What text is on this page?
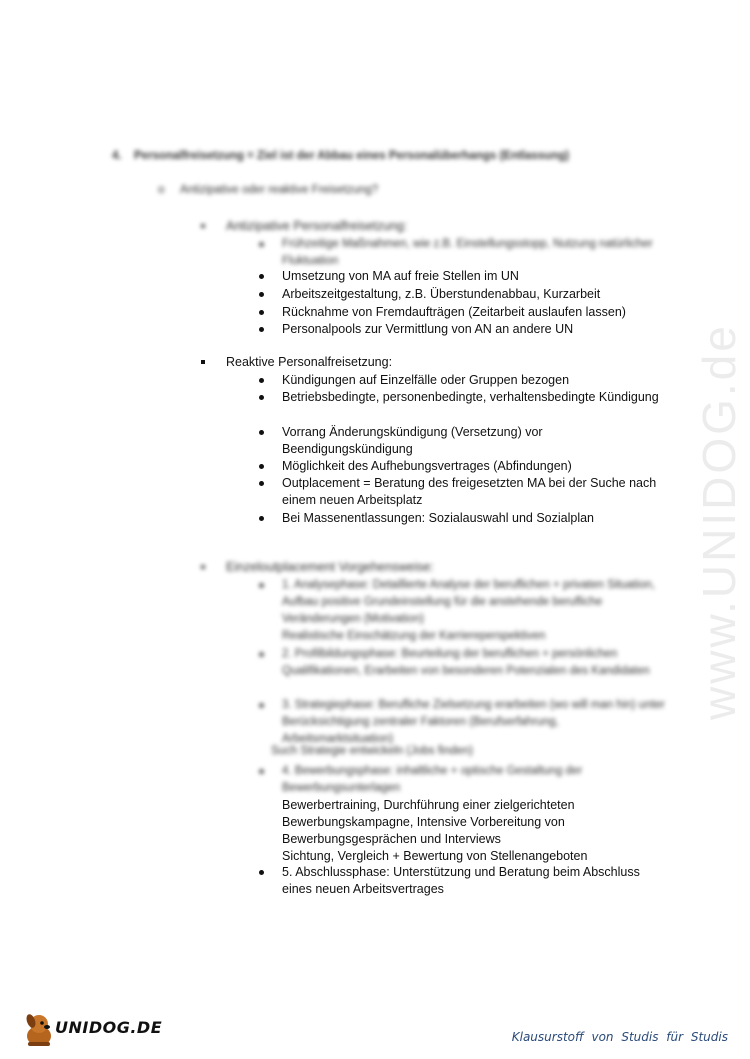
4. Personalfreisetzung = Ziel ist der Abbau eines Personalüberhangs (Entlassung)
o Antizipative oder reaktive Freisetzung?
Antizipative Personalfreisetzung:
Frühzeitige Maßnahmen, wie z.B. Einstellungsstopp, Nutzung natürlicher Fluktuation
Umsetzung von MA auf freie Stellen im UN
Arbeitszeitgestaltung, z.B. Überstundenabbau, Kurzarbeit
Rücknahme von Fremdaufträgen (Zeitarbeit auslaufen lassen)
Personalpools zur Vermittlung von AN an andere UN
Reaktive Personalfreisetzung:
Kündigungen auf Einzelfälle oder Gruppen bezogen
Betriebsbedingte, personenbedingte, verhaltensbedingte Kündigung
Vorrang Änderungskündigung (Versetzung) vor Beendigungskündigung
Möglichkeit des Aufhebungsvertrages (Abfindungen)
Outplacement = Beratung des freigesetzten MA bei der Suche nach einem neuen Arbeitsplatz
Bei Massenentlassungen: Sozialauswahl und Sozialplan
Einzeloutplacement Vorgehensweise:
1. Analysephase: Detaillierte Analyse der beruflichen + privaten Situation, Aufbau positive Grundeinstellung für die anstehende berufliche Veränderungen (Motivation)
Realistische Einschätzung der Karriereperspektiven
2. Profilbildungsphase: Beurteilung der beruflichen + persönlichen Qualifikationen, Erarbeiten von besonderen Potenzialen des Kandidaten
3. Strategiephase: Berufliche Zielsetzung erarbeiten (wo will man hin) unter Berücksichtigung zentraler Faktoren (Berufserfahrung, Arbeitsmarktsituation)
Such Strategie entwickeln (Jobs finden)
4. Bewerbungsphase: inhaltliche + optische Gestaltung der Bewerbungsunterlagen
Bewerbertraining, Durchführung einer zielgerichteten
Bewerbungskampagne, Intensive Vorbereitung von
Bewerbungsgesprächen und Interviews
Sichtung, Vergleich + Bewertung von Stellenangeboten
5. Abschlussphase: Unterstützung und Beratung beim Abschluss eines neuen Arbeitsvertrages
www.UNIDOG.de
UNIDOG.DE	Klausurstoff von Studis für Studis
